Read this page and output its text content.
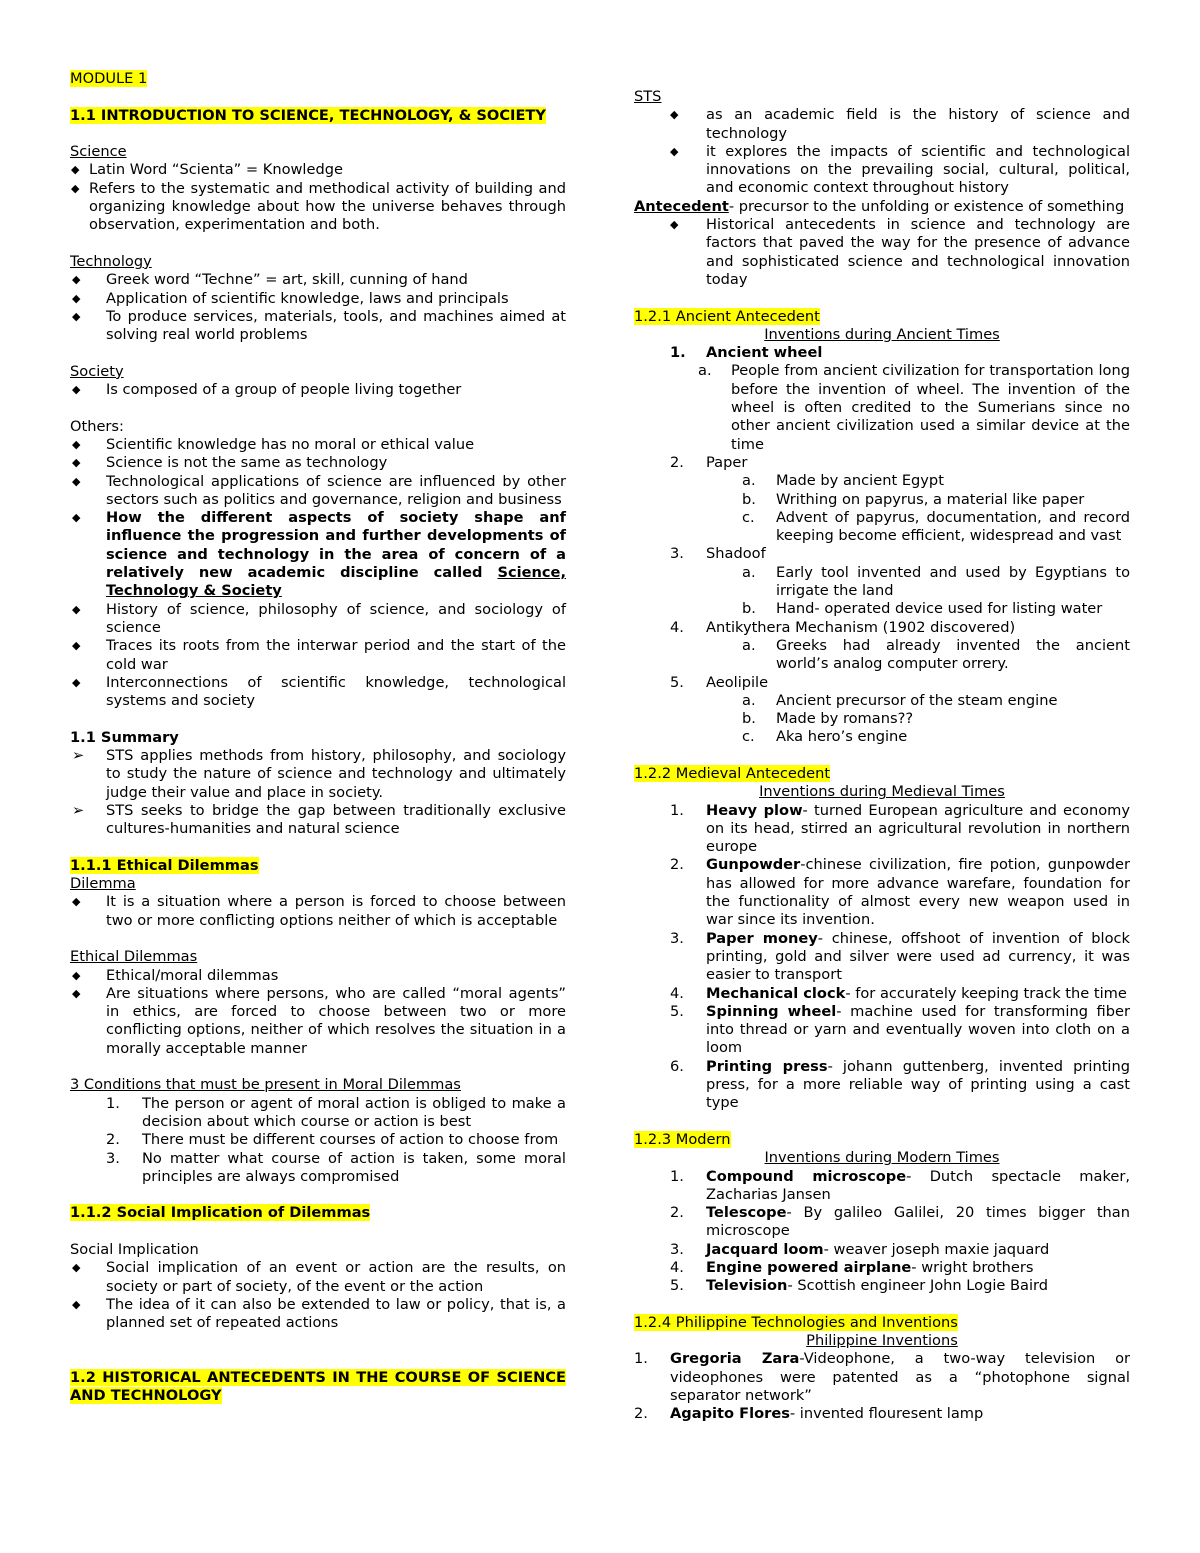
MODULE 1

1.1 INTRODUCTION TO SCIENCE, TECHNOLOGY, & SOCIETY

Science

◆ Latin Word “Scienta” = Knowledge
◆ Refers to the systematic and methodical activity of building and organizing knowledge about how the universe behaves through observation, experimentation and both.

Technology

◆ Greek word “Techne” = art, skill, cunning of hand
◆ Application of scientific knowledge, laws and principals
◆ To produce services, materials, tools, and machines aimed at solving real world problems

Society

◆ Is composed of a group of people living together

Others:

◆ Scientific knowledge has no moral or ethical value
◆ Science is not the same as technology
◆ Technological applications of science are influenced by other sectors such as politics and governance, religion and business
◆ How the different aspects of society shape anf influence the progression and further developments of science and technology in the area of concern of a relatively new academic discipline called Science, Technology & Society
◆ History of science, philosophy of science, and sociology of science
◆ Traces its roots from the interwar period and the start of the cold war
◆ Interconnections of scientific knowledge, technological systems and society

1.1 Summary

➢ STS applies methods from history, philosophy, and sociology to study the nature of science and technology and ultimately judge their value and place in society.
➢ STS seeks to bridge the gap between traditionally exclusive cultures-humanities and natural science

1.1.1 Ethical Dilemmas

Dilemma

◆ It is a situation where a person is forced to choose between two or more conflicting options neither of which is acceptable

Ethical Dilemmas

◆ Ethical/moral dilemmas
◆ Are situations where persons, who are called “moral agents” in ethics, are forced to choose between two or more conflicting options, neither of which resolves the situation in a morally acceptable manner

3 Conditions that must be present in Moral Dilemmas

1. The person or agent of moral action is obliged to make a decision about which course or action is best
2. There must be different courses of action to choose from
3. No matter what course of action is taken, some moral principles are always compromised

1.1.2 Social Implication of Dilemmas

Social Implication

◆ Social implication of an event or action are the results, on society or part of society, of the event or the action
◆ The idea of it can also be extended to law or policy, that is, a planned set of repeated actions

1.2 HISTORICAL ANTECEDENTS IN THE COURSE OF SCIENCE AND TECHNOLOGY

STS

◆ as an academic field is the history of science and technology
◆ it explores the impacts of scientific and technological innovations on the prevailing social, cultural, political, and economic context throughout history

Antecedent- precursor to the unfolding or existence of something

◆ Historical antecedents in science and technology are factors that paved the way for the presence of advance and sophisticated science and technological innovation today

1.2.1 Ancient Antecedent

Inventions during Ancient Times

1. Ancient wheel
a. People from ancient civilization for transportation long before the invention of wheel. The invention of the wheel is often credited to the Sumerians since no other ancient civilization used a similar device at the time
2. Paper
a. Made by ancient Egypt
b. Writhing on papyrus, a material like paper
c. Advent of papyrus, documentation, and record keeping become efficient, widespread and vast
3. Shadoof
a. Early tool invented and used by Egyptians to irrigate the land
b. Hand- operated device used for listing water
4. Antikythera Mechanism (1902 discovered)
a. Greeks had already invented the ancient world’s analog computer orrery.
5. Aeolipile
a. Ancient precursor of the steam engine
b. Made by romans??
c. Aka hero’s engine

1.2.2 Medieval Antecedent

Inventions during Medieval Times

1. Heavy plow- turned European agriculture and economy on its head, stirred an agricultural revolution in northern europe
2. Gunpowder-chinese civilization, fire potion, gunpowder has allowed for more advance warefare, foundation for the functionality of almost every new weapon used in war since its invention.
3. Paper money- chinese, offshoot of invention of block printing, gold and silver were used ad currency, it was easier to transport
4. Mechanical clock- for accurately keeping track the time
5. Spinning wheel- machine used for transforming fiber into thread or yarn and eventually woven into cloth on a loom
6. Printing press- johann guttenberg, invented printing press, for a more reliable way of printing using a cast type

1.2.3 Modern

Inventions during Modern Times

1. Compound microscope- Dutch spectacle maker, Zacharias Jansen
2. Telescope- By galileo Galilei, 20 times bigger than microscope
3. Jacquard loom- weaver joseph maxie jaquard
4. Engine powered airplane- wright brothers
5. Television- Scottish engineer John Logie Baird

1.2.4 Philippine Technologies and Inventions

Philippine Inventions

1. Gregoria Zara-Videophone, a two-way television or videophones were patented as a “photophone signal separator network”
2. Agapito Flores- invented flouresent lamp
